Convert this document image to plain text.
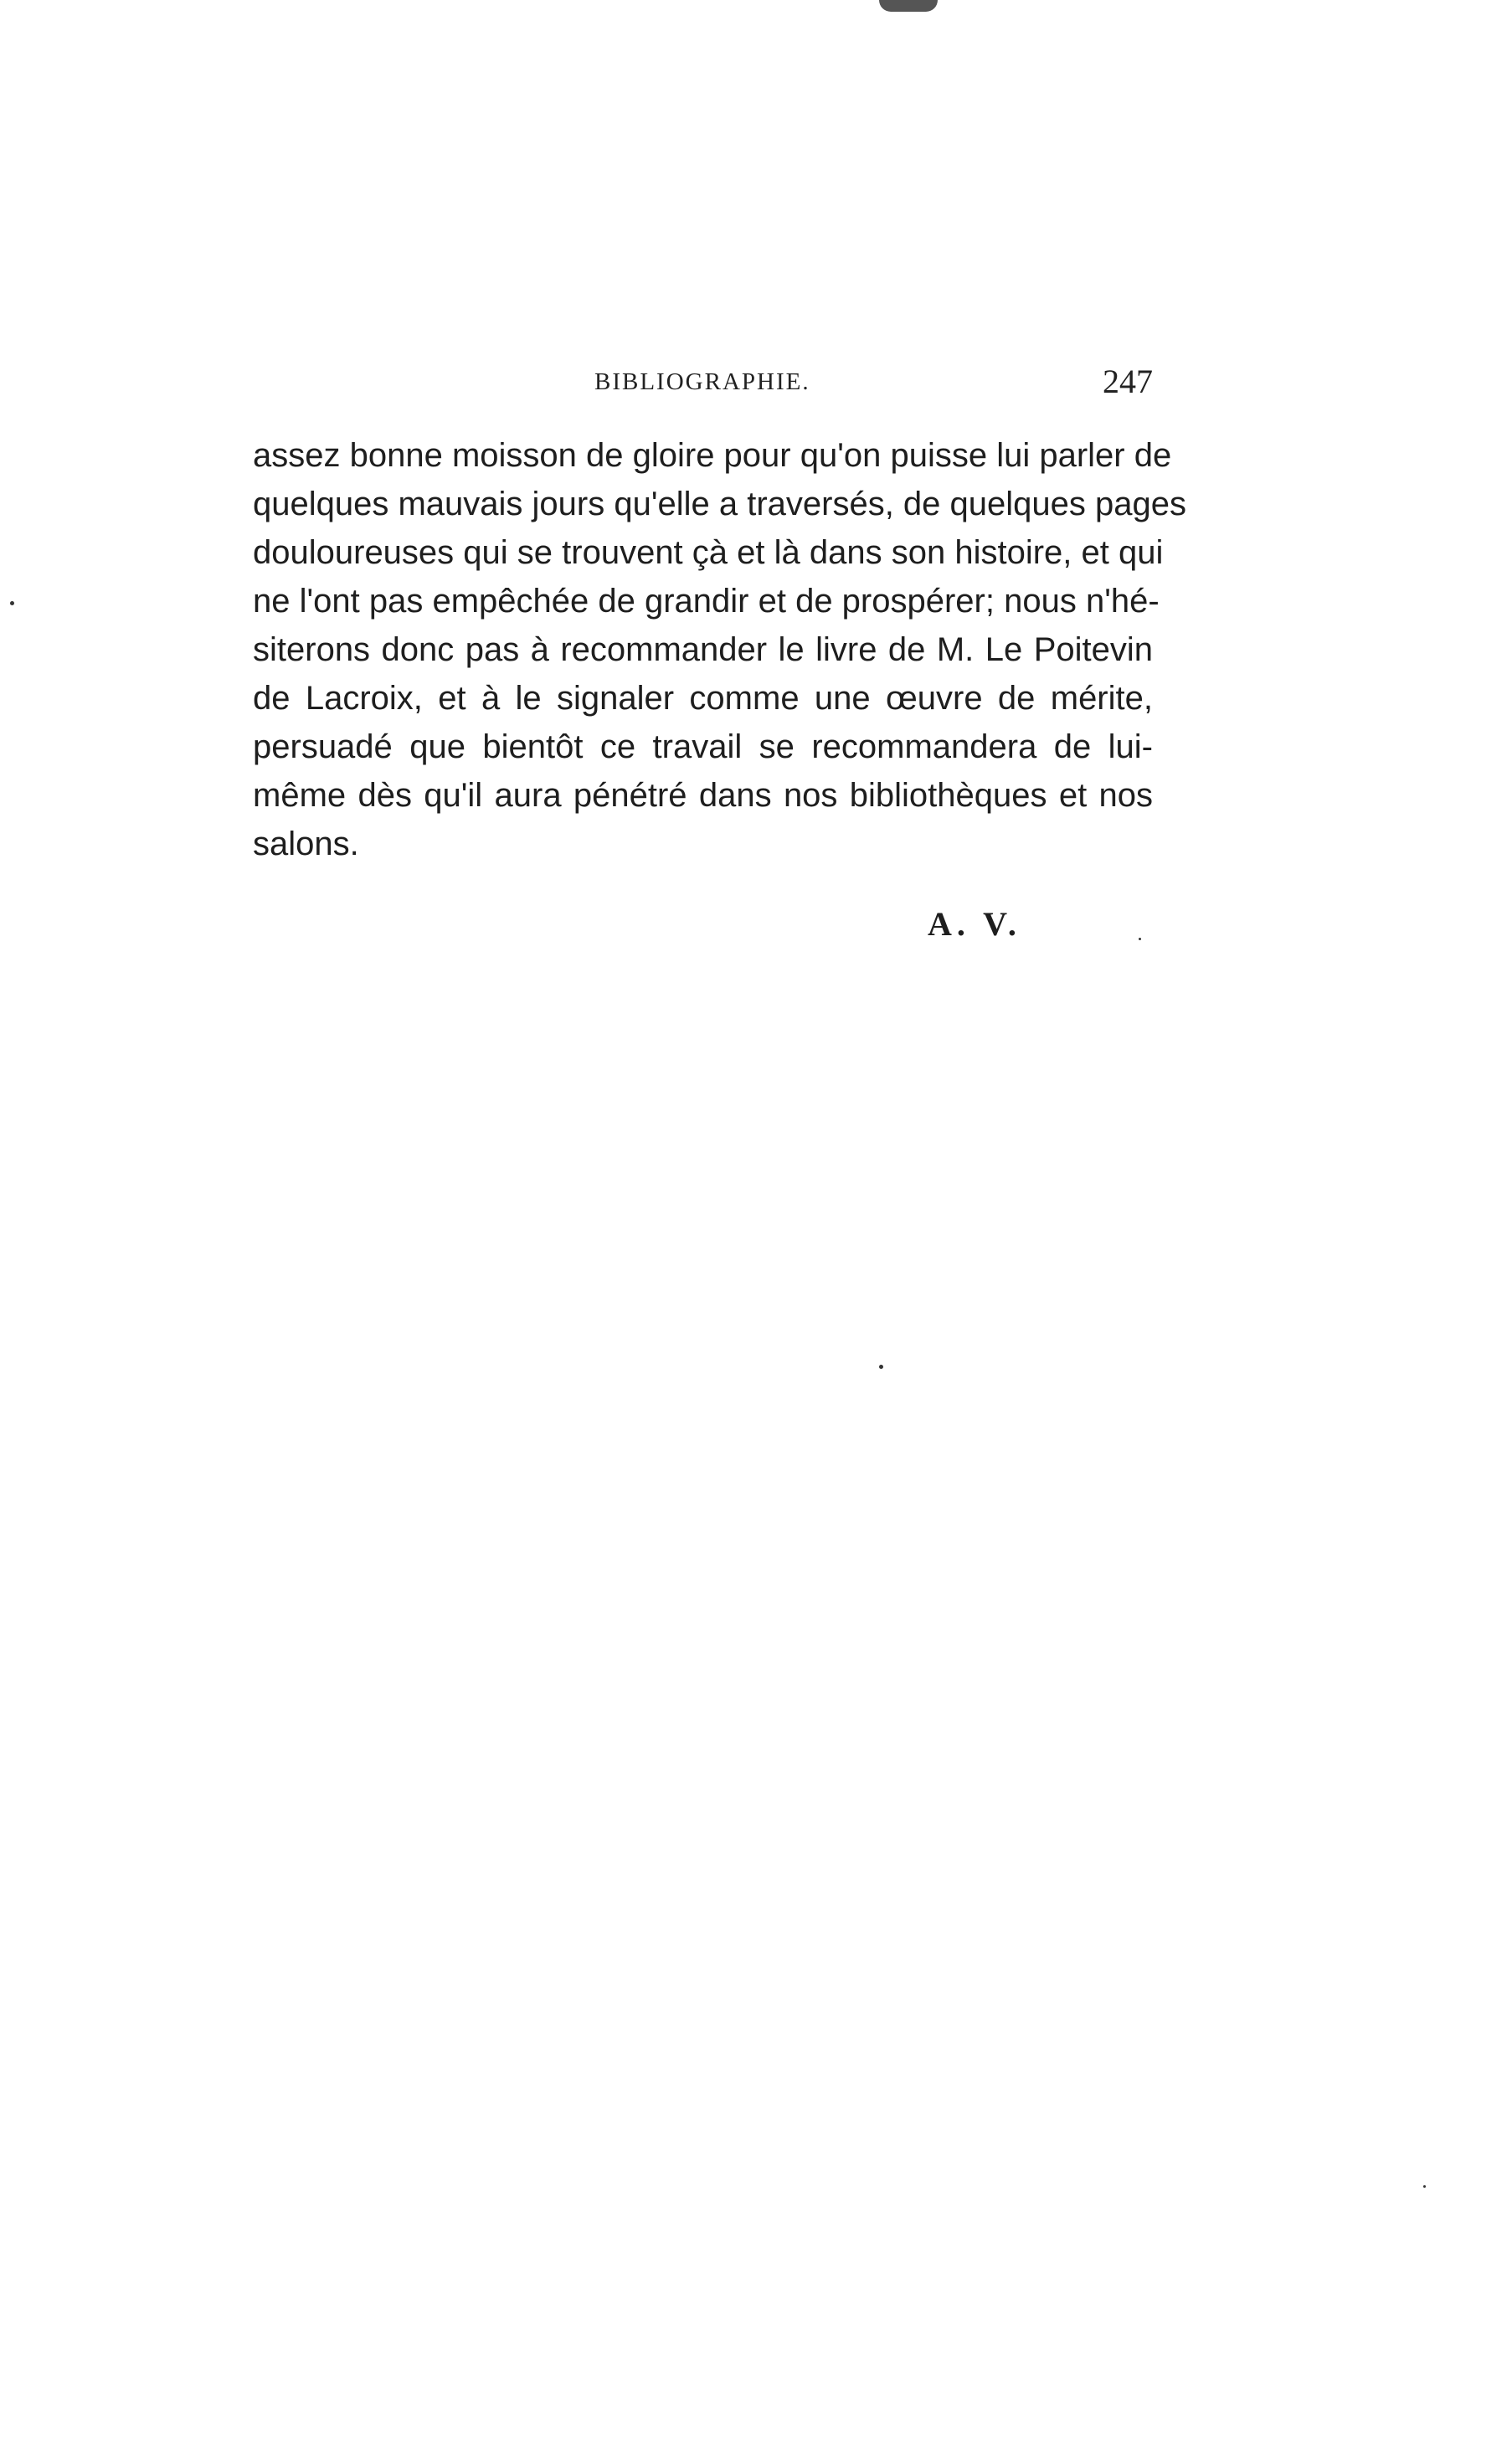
BIBLIOGRAPHIE.	247
assez bonne moisson de gloire pour qu'on puisse lui parler de
quelques mauvais jours qu'elle a traversés, de quelques pages
douloureuses qui se trouvent çà et là dans son histoire, et qui
ne l'ont pas empêchée de grandir et de prospérer; nous n'hé-
siterons donc pas à recommander le livre de M. Le Poitevin
de Lacroix, et à le signaler comme une œuvre de mérite,
persuadé que bientôt ce travail se recommandera de lui-
même dès qu'il aura pénétré dans nos bibliothèques et nos
salons.
A. V.
